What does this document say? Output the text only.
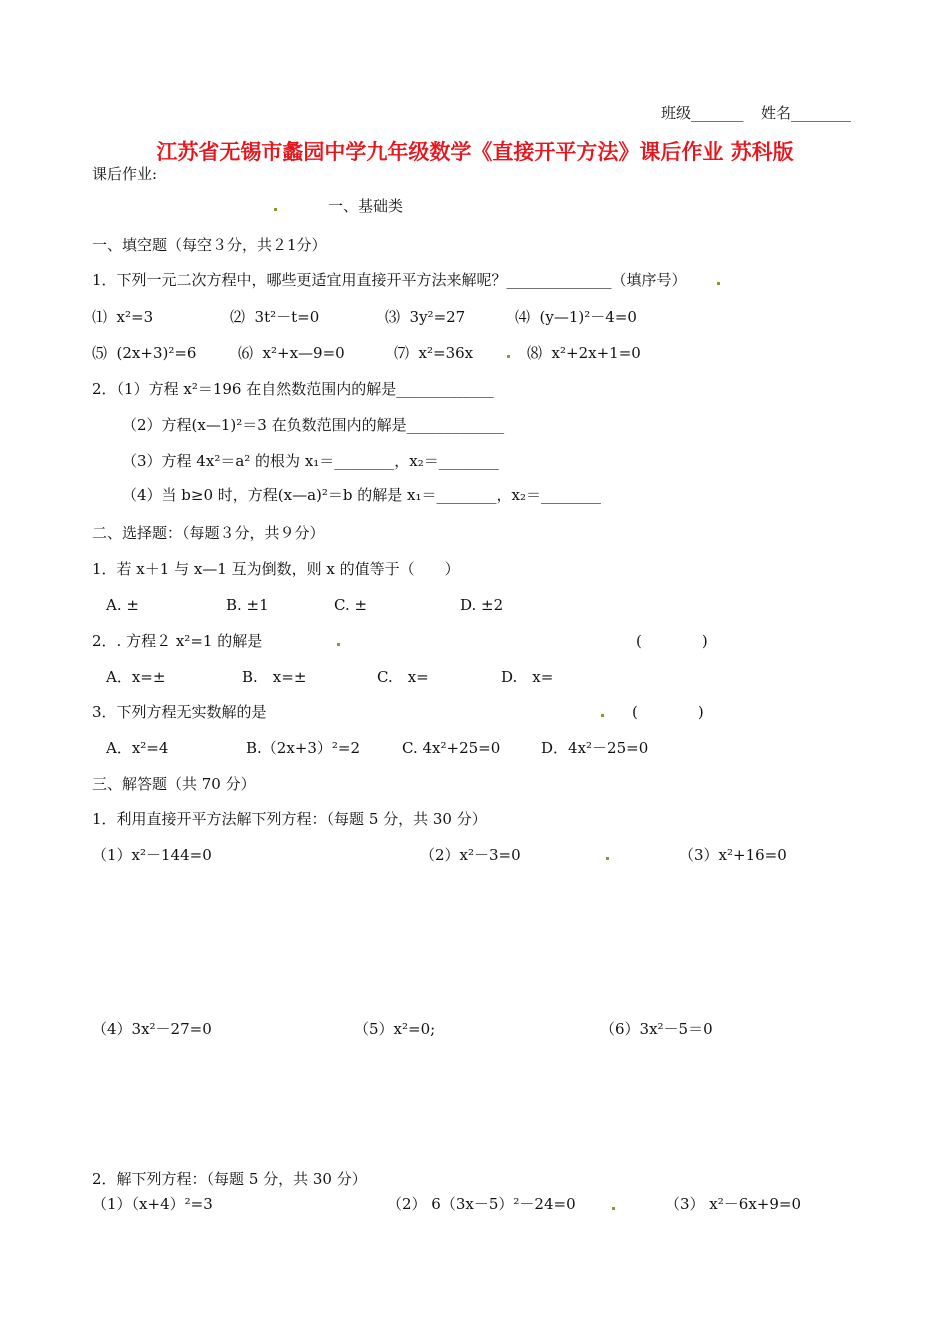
班级_______ 姓名________
江苏省无锡市蠡园中学九年级数学《直接开平方法》课后作业 苏科版
课后作业:
一、基础类
一、填空题（每空３分，共２1分）
1．下列一元二次方程中，哪些更适宜用直接开平方法来解呢？______________（填序号）
⑴  x²=3	⑵  3t²－t=0	⑶  3y²=27	⑷  (y—1)²－4=0
⑸  (2x+3)²=6	⑹  x²+x—9=0	⑺  x²=36x	⑻  x²+2x+1=0
2．（1）方程 x²＝196 在自然数范围内的解是_____________
（2）方程(x—1)²＝3 在负数范围内的解是_____________
（3）方程 4x²＝a² 的根为 x₁＝________，x₂＝________
（4）当 b≥0 时，方程(x—a)²＝b 的解是 x₁＝________，x₂＝________
二、选择题：（每题３分，共９分）
1．若 x＋1 与 x—1 互为倒数，则 x 的值等于（　　）
A. ±	B. ±1	C. ±	D. ±2
2．. 方程２ x²=1 的解是	(　　　　)
A．x=±	B.　x=±	C.　x=	D.　x=
3．下列方程无实数解的是	(　　　　)
A．x²=4	B.（2x+3）²=2	C. 4x²+25=0	D．4x²－25=0
三、解答题（共 70 分）
1．利用直接开平方法解下列方程：（每题 5 分，共 30 分）
（1）x²－144=0	（2）x²－3=0	（3）x²+16=0
（4）3x²－27=0	（5）x²=0;	（6）3x²－5＝0
2．解下列方程：（每题 5 分，共 30 分）
（1）（x+4）²=3	（2） 6（3x－5）²－24=0	（3） x²－6x+9=0
